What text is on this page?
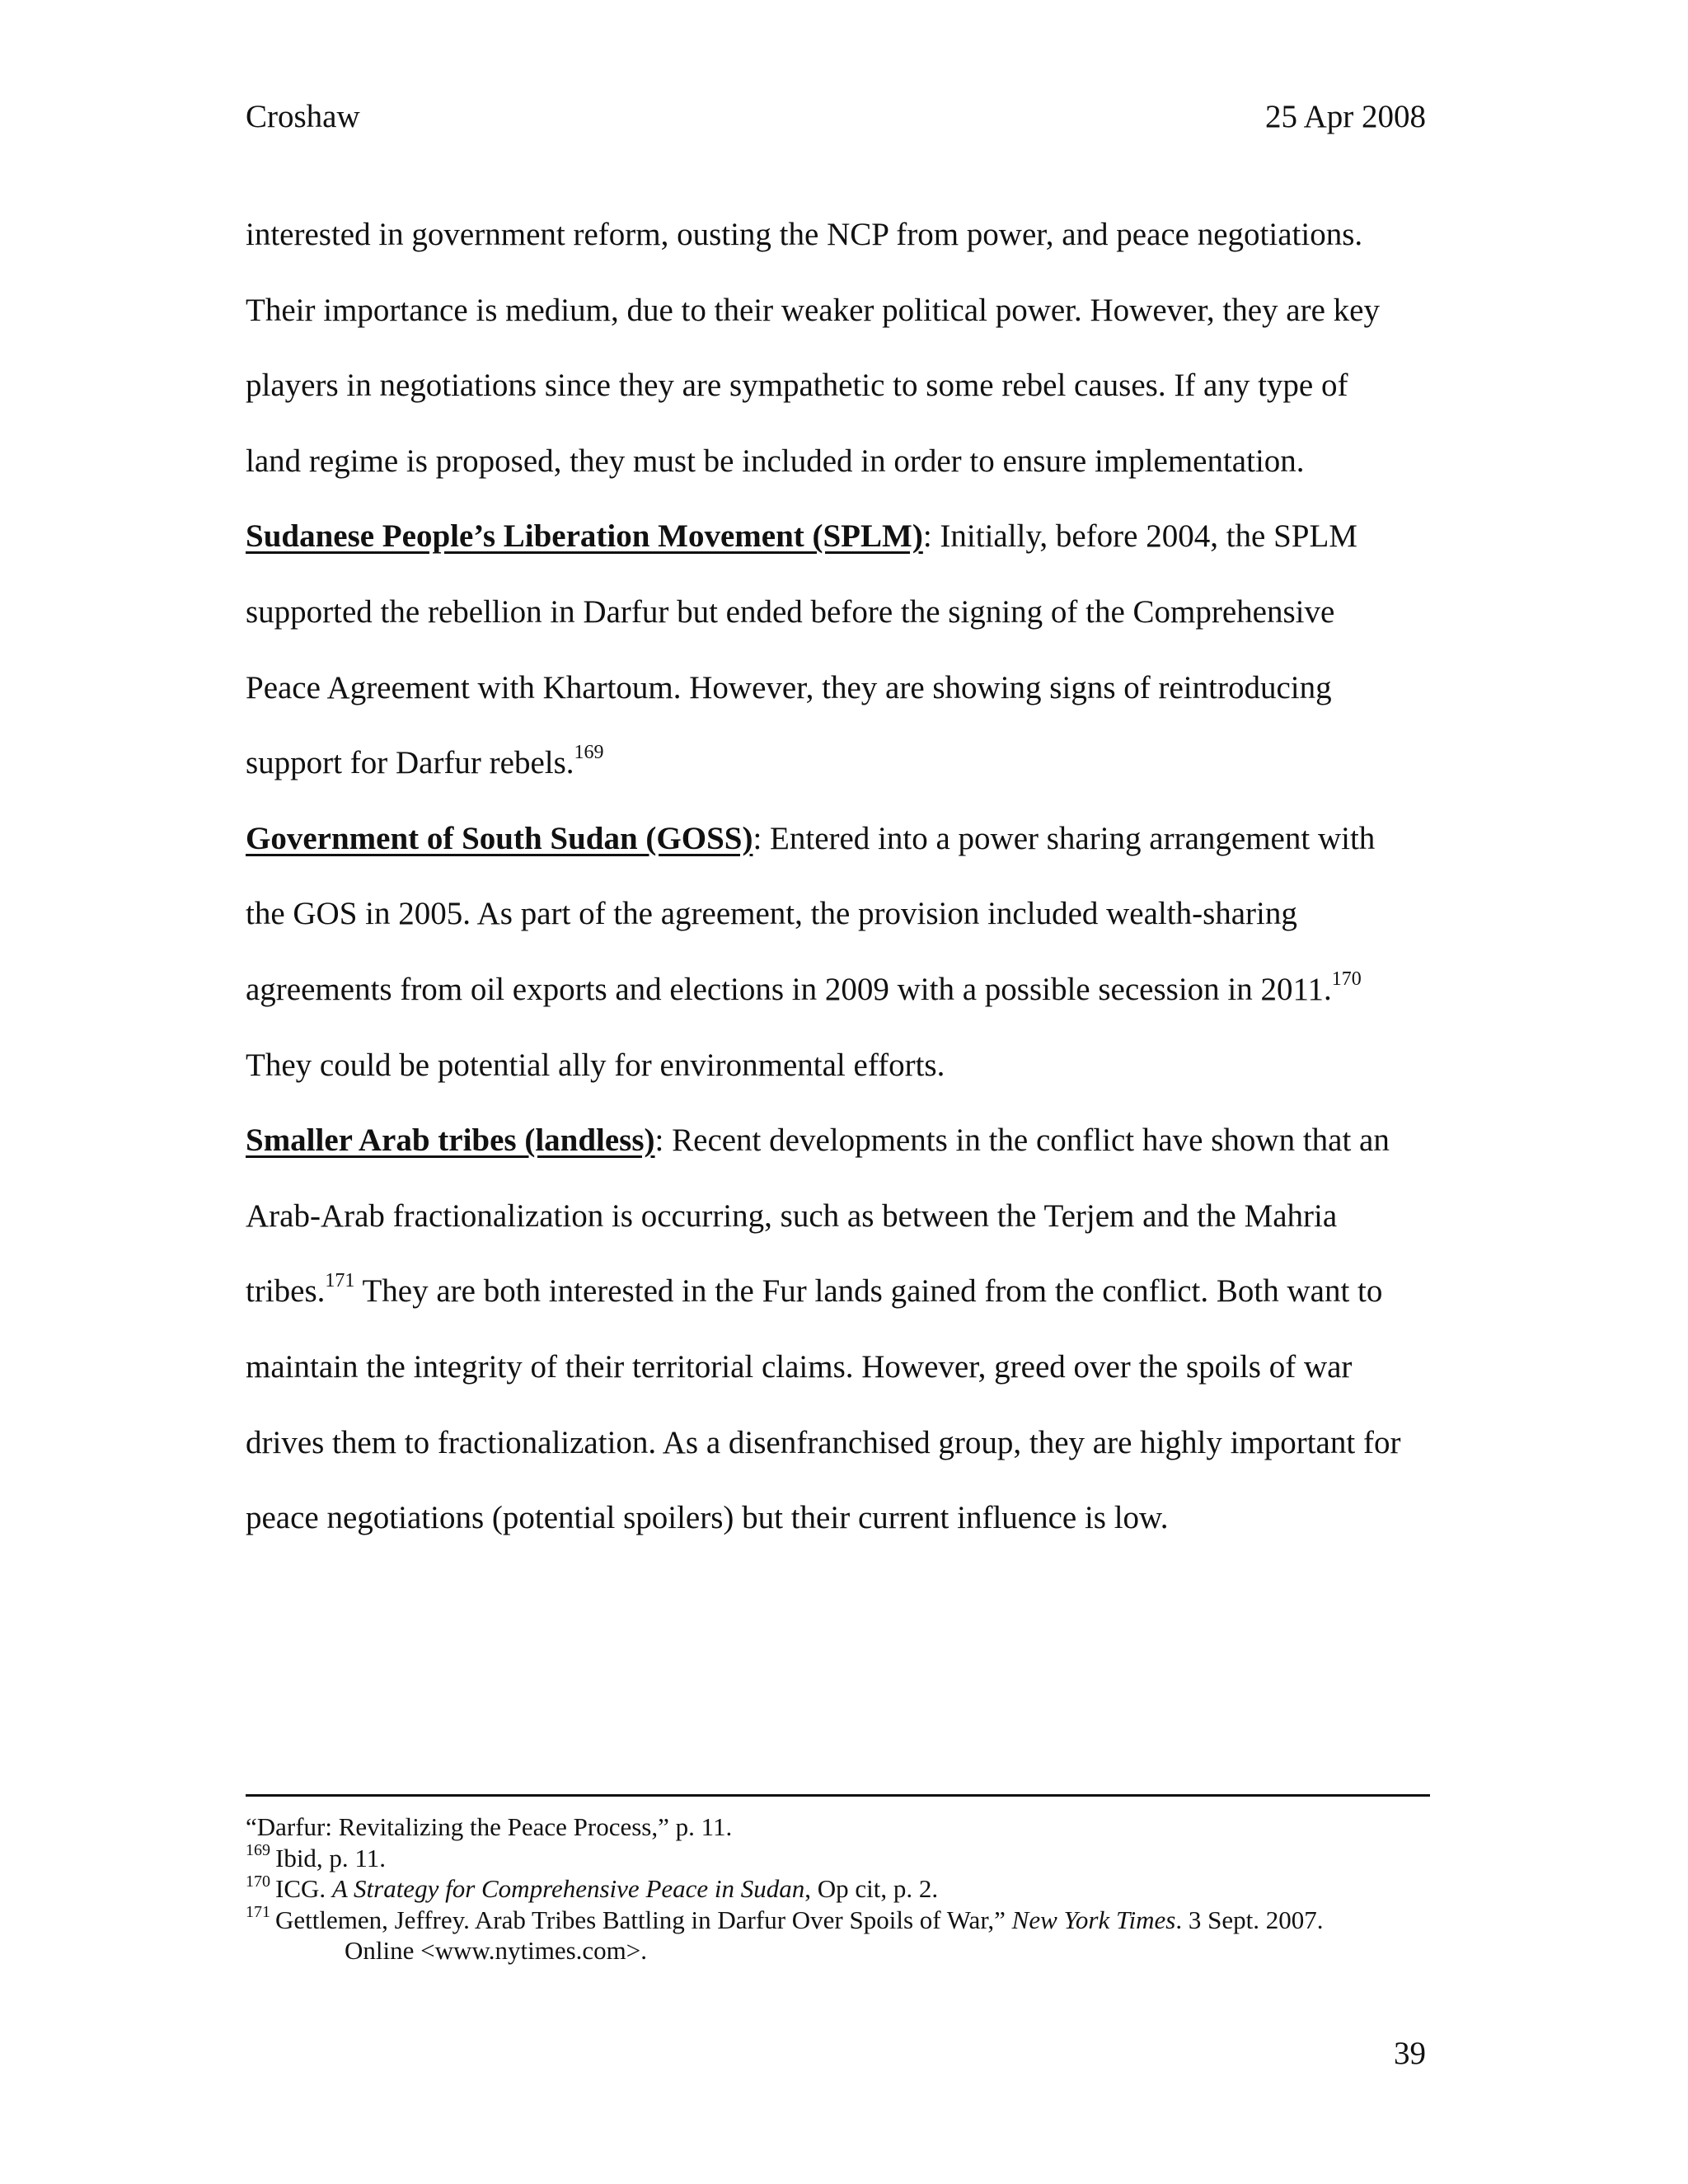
Croshaw	25 Apr 2008
interested in government reform, ousting the NCP from power, and peace negotiations.
Their importance is medium, due to their weaker political power. However, they are key
players in negotiations since they are sympathetic to some rebel causes. If any type of
land regime is proposed, they must be included in order to ensure implementation.
Sudanese People’s Liberation Movement (SPLM): Initially, before 2004, the SPLM
supported the rebellion in Darfur but ended before the signing of the Comprehensive
Peace Agreement with Khartoum. However, they are showing signs of reintroducing
support for Darfur rebels.$^{169}$
Government of South Sudan (GOSS): Entered into a power sharing arrangement with
the GOS in 2005. As part of the agreement, the provision included wealth-sharing
agreements from oil exports and elections in 2009 with a possible secession in 2011.$^{170}$
They could be potential ally for environmental efforts.
Smaller Arab tribes (landless): Recent developments in the conflict have shown that an
Arab-Arab fractionalization is occurring, such as between the Terjem and the Mahria
tribes.$^{171}$ They are both interested in the Fur lands gained from the conflict. Both want to
maintain the integrity of their territorial claims. However, greed over the spoils of war
drives them to fractionalization. As a disenfranchised group, they are highly important for
peace negotiations (potential spoilers) but their current influence is low.
“Darfur: Revitalizing the Peace Process,” p. 11.
$^{169}$ Ibid, p. 11.
$^{170}$ ICG. A Strategy for Comprehensive Peace in Sudan, Op cit, p. 2.
$^{171}$ Gettlemen, Jeffrey. Arab Tribes Battling in Darfur Over Spoils of War,” New York Times. 3 Sept. 2007.
Online <www.nytimes.com>.
39
